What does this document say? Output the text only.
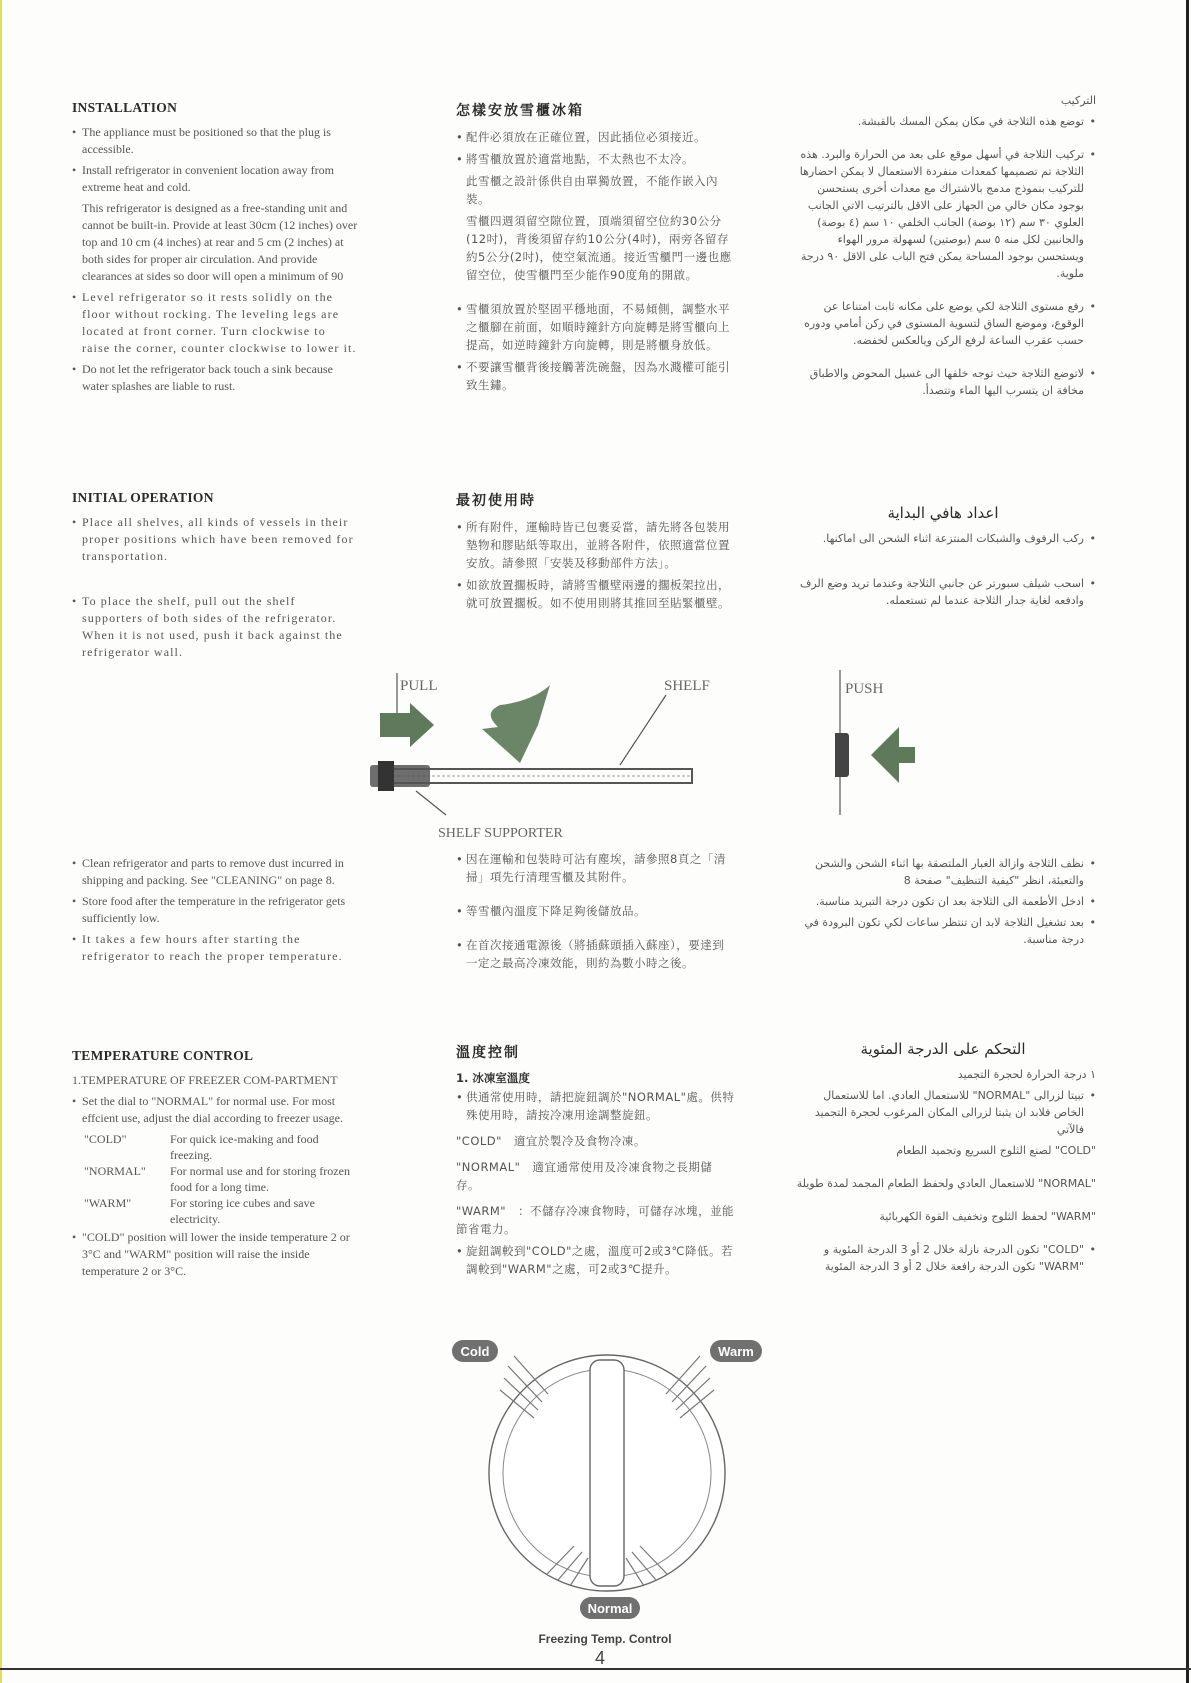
INSTALLATION
• The appliance must be positioned so that the plug is accessible.
• Install refrigerator in convenient location away from extreme heat and cold.
This refrigerator is designed as a free-standing unit and cannot be built-in. Provide at least 30cm (12 inches) over top and 10 cm (4 inches) at rear and 5 cm (2 inches) at both sides for proper air circulation. And provide clearances at sides so door will open a minimum of 90
• Level refrigerator so it rests solidly on the floor without rocking. The leveling legs are located at front corner. Turn clockwise to raise the corner, counter clockwise to lower it.
• Do not let the refrigerator back touch a sink because water splashes are liable to rust.
INITIAL OPERATION
• Place all shelves, all kinds of vessels in their proper positions which have been removed for transportation.
• To place the shelf, pull out the shelf supporters of both sides of the refrigerator. When it is not used, push it back against the refrigerator wall.
• Clean refrigerator and parts to remove dust incurred in shipping and packing. See "CLEANING" on page 8.
• Store food after the temperature in the refrigerator gets sufficiently low.
• It takes a few hours after starting the refrigerator to reach the proper temperature.
TEMPERATURE CONTROL
1.TEMPERATURE OF FREEZER COM-PARTMENT
• Set the dial to "NORMAL" for normal use. For most effcient use, adjust the dial according to freezer usage.
"COLD"	For quick ice-making and food freezing.
"NORMAL"	For normal use and for storing frozen food for a long time.
"WARM"	For storing ice cubes and save electricity.
• "COLD" position will lower the inside temperature 2 or 3°C and "WARM" position will raise the inside temperature 2 or 3°C.
怎樣安放雪櫃冰箱
• 配件必須放在正確位置，因此插位必須接近。
• 將雪櫃放置於適當地點，不太熱也不太冷。
此雪櫃之設計係供自由單獨放置，不能作嵌入內裝。
雪櫃四週須留空隙位置，頂端須留空位約30公分(12吋)，背後須留存約10公分(4吋)，兩旁各留存約5公分(2吋)，使空氣流通。接近雪櫃門一邊也應留空位，使雪櫃門至少能作90度角的開啟。
• 雪櫃須放置於堅固平穩地面，不易傾側，調整水平之櫃腳在前面，如順時鐘針方向旋轉是將雪櫃向上提高，如逆時鐘針方向旋轉，則是將櫃身放低。
• 不要讓雪櫃背後接觸著洗碗盤，因為水濺權可能引致生鏽。
最初使用時
• 所有附件，運輸時皆已包裹妥當，請先將各包裝用墊物和膠貼紙等取出，並將各附件，依照適當位置安放。請參照「安裝及移動部件方法」。
• 如欲放置擱板時，請將雪櫃壁兩邊的擱板架拉出，就可放置擱板。如不使用則將其推回至貼緊櫃壁。
• 因在運輸和包裝時可沾有塵埃，請參照8頁之「清掃」項先行清理雪櫃及其附件。
• 等雪櫃內溫度下降足夠後儲放品。
• 在首次接通電源後（將插蘇頭插入蘇座），要達到一定之最高冷凍效能，則約為數小時之後。
溫度控制
1. 冰凍室溫度
• 供通常使用時，請把旋鈕調於"NORMAL"處。供特殊使用時，請按冷凍用途調整旋鈕。
"COLD"　適宜於製冷及食物冷凍。
"NORMAL"　適宜通常使用及冷凍食物之長期儲存。
"WARM"　：不儲存冷凍食物時，可儲存冰塊，並能節省電力。
• 旋鈕調較到"COLD"之處，溫度可2或3℃降低。若調較到"WARM"之處，可2或3℃提升。
التركيب
• توضع هذه الثلاجة في مكان يمكن المسك بالقبشة.
• تركيب الثلاجة في أسهل موقع على بعد من الحرارة والبرد. هذه الثلاجة تم تصميمها كمعدات منفردة الاستعمال لا يمكن احضارها للتركيب بنموذج مدمج بالاشتراك مع معدات أخرى يستحسن بوجود مكان خالي من الجهاز على الاقل بالترتيب الاتي الجانب العلوي ٣٠ سم (١٢ بوصة) الجانب الخلفي ١٠ سم (٤ بوصة) والجانبين لكل منه ٥ سم (بوصتين) لسهولة مرور الهواء ويستحسن بوجود المساحة يمكن فتح الباب على الاقل ٩٠ درجة ملوية.
• رفع مستوى الثلاجة لكي يوضع على مكانه ثابت امتناعا عن الوقوع، وموضع الساق لتسوية المستوى في ركن أمامي ودوره حسب عقرب الساعة لرفع الركن ويالعكس لخفضه.
• لاتوضع الثلاجة حيث توجه خلفها الى غسيل المحوض والاطباق مخافة ان يتسرب اليها الماء وتتصدأ.
اعداد هافي البداية
• ركب الرفوف والشبكات المنتزعة اثناء الشحن الى اماكنها.
• اسحب شيلف سبورتر عن جانبي الثلاجة وعندما تريد وضع الرف وادفعه لغاية جدار الثلاجة عندما لم تستعمله.
• نظف الثلاجة وازالة الغبار الملتصقة بها اثناء الشحن والشحن والتعبئة، انظر "كيفية التنظيف" صفحة 8
• ادخل الأطعمة الى الثلاجة بعد ان تكون درجة التبريد مناسبة.
• بعد تشغيل الثلاجة لابد ان تنتظر ساعات لكي تكون البرودة في درجة مناسبة.
التحكم على الدرجة المئوية
١ درجة الحرارة لحجرة التجميد
• تبيتا لزرالى "NORMAL" للاستعمال العادي. اما للاستعمال الخاص فلابد ان يثبتا لزرالى المكان المرغوب لحجرة التجميد فالآتي
"COLD" لصنع الثلوج السريع وتجميد الطعام
"NORMAL" للاستعمال العادي ولحفظ الطعام المجمد لمدة طويلة
"WARM" لحفظ الثلوج وتخفيف القوة الكهربائية
• "COLD" تكون الدرجة نازلة خلال 2 أو 3 الدرجة المئوية و "WARM" تكون الدرجة رافعة خلال 2 أو 3 الدرجة المئوية
PULL	SHELF
SHELF SUPPORTER
PUSH
Cold	Warm
Normal
Freezing Temp. Control
4
